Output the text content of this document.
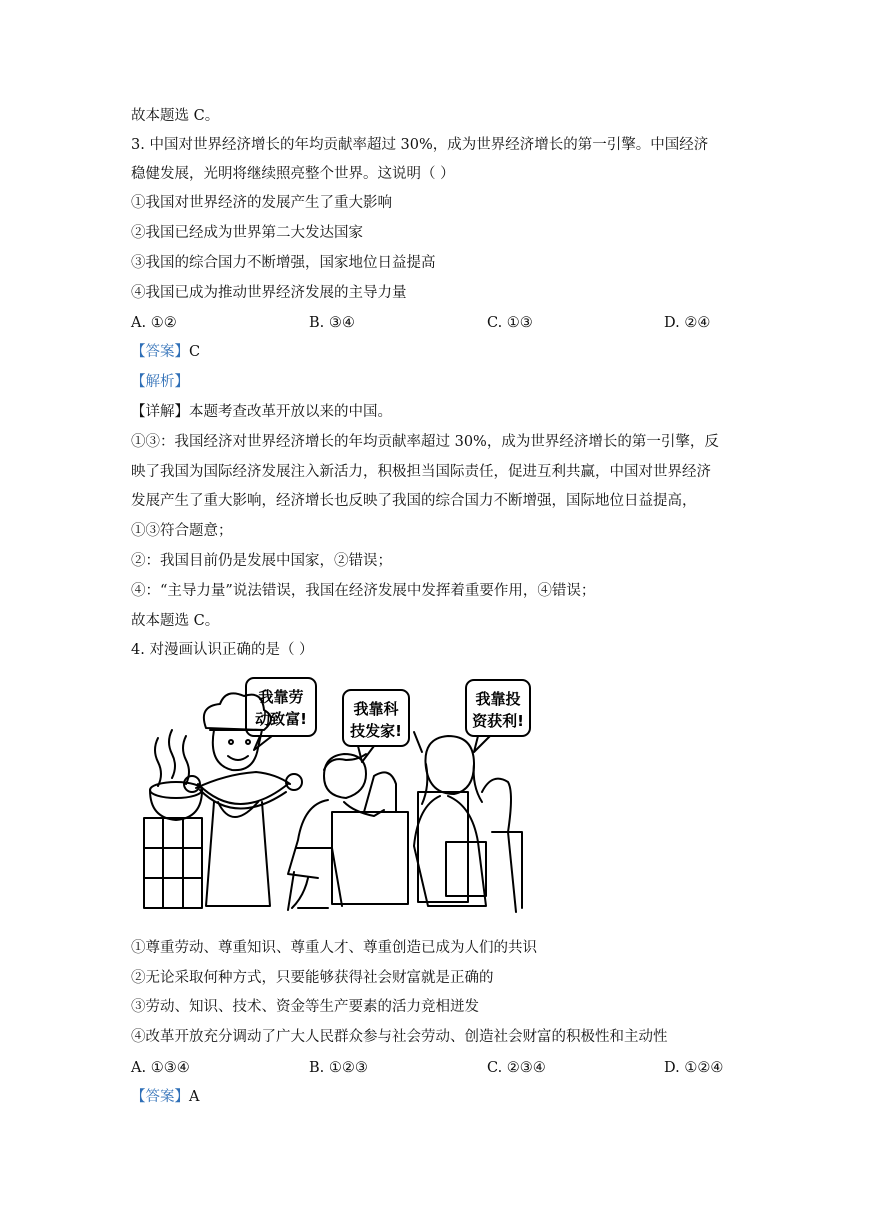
故本题选 C。
3. 中国对世界经济增长的年均贡献率超过 30%，成为世界经济增长的第一引擎。中国经济
稳健发展，光明将继续照亮整个世界。这说明（ ）
①我国对世界经济的发展产生了重大影响
②我国已经成为世界第二大发达国家
③我国的综合国力不断增强，国家地位日益提高
④我国已成为推动世界经济发展的主导力量
A. ①②	B. ③④	C. ①③	D. ②④
【答案】C
【解析】
【详解】本题考查改革开放以来的中国。
①③：我国经济对世界经济增长的年均贡献率超过 30%，成为世界经济增长的第一引擎，反
映了我国为国际经济发展注入新活力，积极担当国际责任，促进互利共赢，中国对世界经济
发展产生了重大影响，经济增长也反映了我国的综合国力不断增强，国际地位日益提高，
①③符合题意；
②：我国目前仍是发展中国家，②错误；
④：“主导力量”说法错误，我国在经济发展中发挥着重要作用，④错误；
故本题选 C。
4. 对漫画认识正确的是（ ）
我靠劳
动致富!
我靠科
技发家!
我靠投
资获利!
①尊重劳动、尊重知识、尊重人才、尊重创造已成为人们的共识
②无论采取何种方式，只要能够获得社会财富就是正确的
③劳动、知识、技术、资金等生产要素的活力竞相迸发
④改革开放充分调动了广大人民群众参与社会劳动、创造社会财富的积极性和主动性
A. ①③④	B. ①②③	C. ②③④	D. ①②④
【答案】A
